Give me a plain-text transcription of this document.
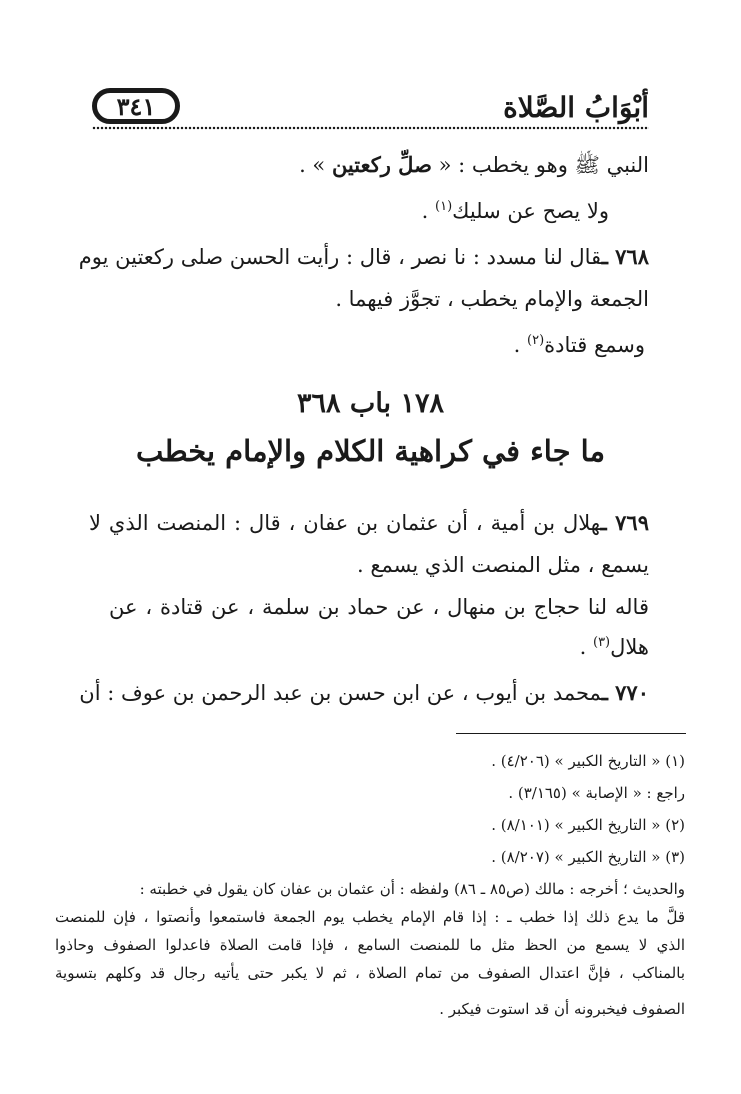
أبْوَابُ الصَّلاة
٣٤١
النبي ﷺ وهو يخطب : « صلِّ ركعتين » .
ولا يصح عن سليك$^{(١)}$ .
٧٦٨ ـقال لنا مسدد : نا نصر ، قال : رأيت الحسن صلى ركعتين يوم
الجمعة والإمام يخطب ، تجوَّز فيهما .
وسمع قتادة$^{(٢)}$ .
١٧٨ باب ٣٦٨
ما جاء في كراهية الكلام والإمام يخطب
٧٦٩ ـهلال بن أمية ، أن عثمان بن عفان ، قال : المنصت الذي لا
يسمع ، مثل المنصت الذي يسمع .
قاله لنا حجاج بن منهال ، عن حماد بن سلمة ، عن قتادة ، عن
هلال$^{(٣)}$ .
٧٧٠ ـمحمد بن أيوب ، عن ابن حسن بن عبد الرحمن بن عوف : أن
(١) « التاريخ الكبير » (٤/٢٠٦) .
راجع : « الإصابة » (٣/١٦٥) .
(٢) « التاريخ الكبير » (٨/١٠١) .
(٣) « التاريخ الكبير » (٨/٢٠٧) .
والحديث ؛ أخرجه : مالك (ص٨٥ ـ ٨٦) ولفظه : أن عثمان بن عفان كان يقول في خطبته :
قلَّ ما يدع ذلك إذا خطب ـ : إذا قام الإمام يخطب يوم الجمعة فاستمعوا وأنصتوا ، فإن للمنصت
الذي لا يسمع من الحظ مثل ما للمنصت السامع ، فإذا قامت الصلاة فاعدلوا الصفوف وحاذوا
بالمناكب ، فإنَّ اعتدال الصفوف من تمام الصلاة ، ثم لا يكبر حتى يأتيه رجال قد وكلهم بتسوية
الصفوف فيخبرونه أن قد استوت فيكبر .
